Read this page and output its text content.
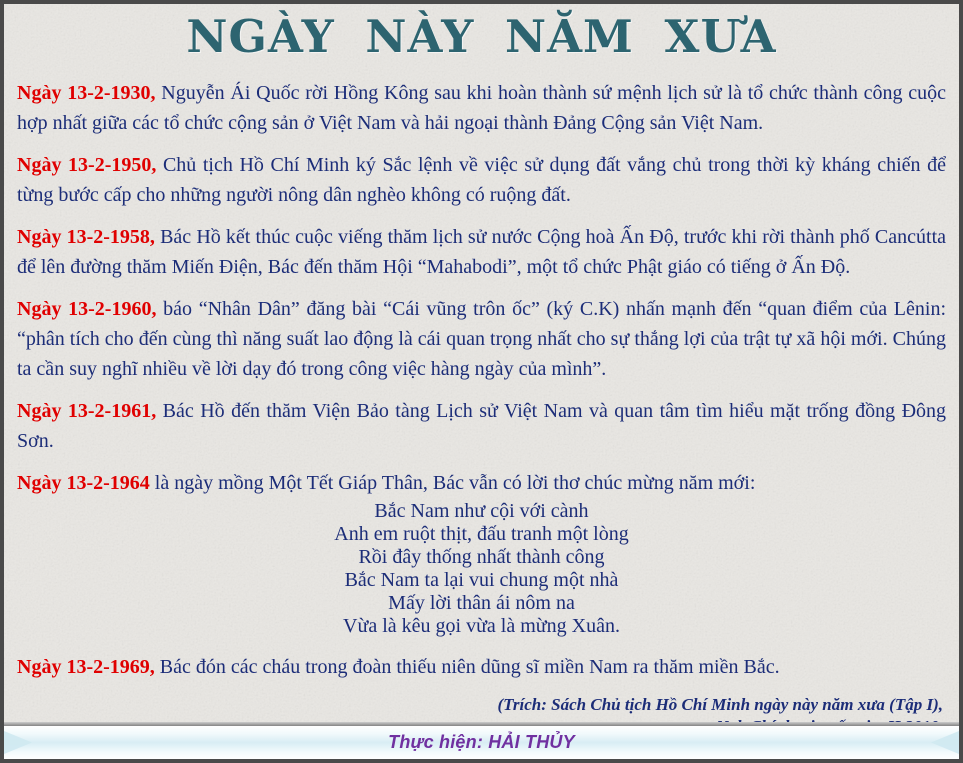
NGÀY NÀY NĂM XƯA

Ngày 13-2-1930, Nguyễn Ái Quốc rời Hồng Kông sau khi hoàn thành sứ mệnh lịch sử là tổ chức thành công cuộc hợp nhất giữa các tổ chức cộng sản ở Việt Nam và hải ngoại thành Đảng Cộng sản Việt Nam.

Ngày 13-2-1950, Chủ tịch Hồ Chí Minh ký Sắc lệnh về việc sử dụng đất vắng chủ trong thời kỳ kháng chiến để từng bước cấp cho những người nông dân nghèo không có ruộng đất.

Ngày 13-2-1958, Bác Hồ kết thúc cuộc viếng thăm lịch sử nước Cộng hoà Ấn Độ, trước khi rời thành phố Cancútta để lên đường thăm Miến Điện, Bác đến thăm Hội “Mahabodi”, một tổ chức Phật giáo có tiếng ở Ấn Độ.

Ngày 13-2-1960, báo “Nhân Dân” đăng bài “Cái vũng trôn ốc” (ký C.K) nhấn mạnh đến “quan điểm của Lênin: “phân tích cho đến cùng thì năng suất lao động là cái quan trọng nhất cho sự thắng lợi của trật tự xã hội mới. Chúng ta cần suy nghĩ nhiều về lời dạy đó trong công việc hàng ngày của mình”.

Ngày 13-2-1961, Bác Hồ đến thăm Viện Bảo tàng Lịch sử Việt Nam và quan tâm tìm hiểu mặt trống đồng Đông Sơn.

Ngày 13-2-1964 là ngày mồng Một Tết Giáp Thân, Bác vẫn có lời thơ chúc mừng năm mới:

Bắc Nam như cội với cành
Anh em ruột thịt, đấu tranh một lòng
Rồi đây thống nhất thành công
Bắc Nam ta lại vui chung một nhà
Mấy lời thân ái nôm na
Vừa là kêu gọi vừa là mừng Xuân.

Ngày 13-2-1969, Bác đón các cháu trong đoàn thiếu niên dũng sĩ miền Nam ra thăm miền Bắc.

(Trích: Sách Chủ tịch Hồ Chí Minh ngày này năm xưa (Tập I),
Thực hiện: HẢI THỦY
